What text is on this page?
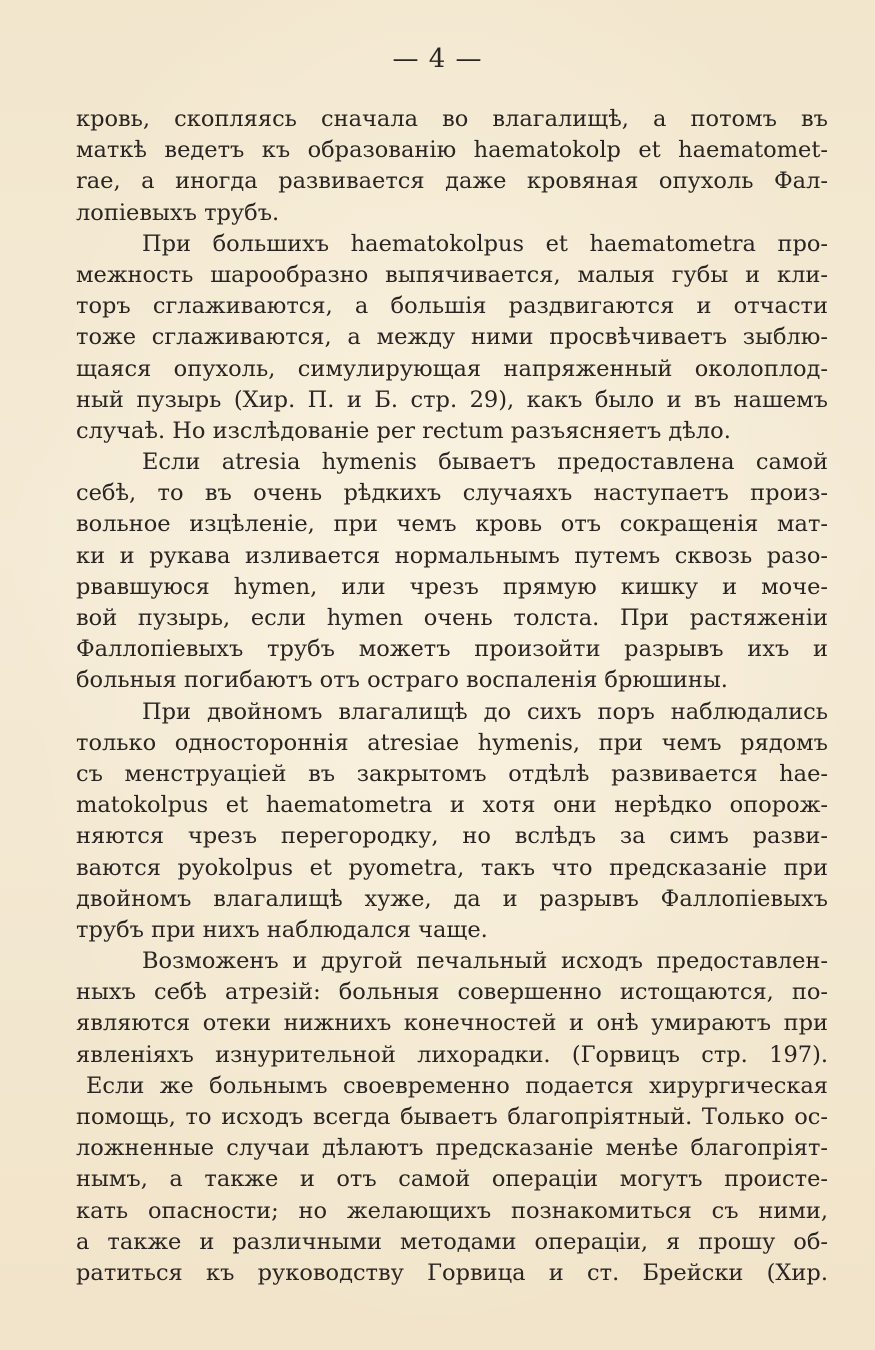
— 4 —
кровь, скопляясь сначала во влагалищѣ, а потомъ въ
маткѣ ведетъ къ образованію haematokolp et haematomet-
rae, а иногда развивается даже кровяная опухоль Фал-
лопіевыхъ трубъ.
При большихъ haematokolpus et haematometra про-
межность шарообразно выпячивается, малыя губы и кли-
торъ сглаживаются, а большія раздвигаются и отчасти
тоже сглаживаются, а между ними просвѣчиваетъ зыблю-
щаяся опухоль, симулирующая напряженный околоплод-
ный пузырь (Хир. П. и Б. стр. 29), какъ было и въ нашемъ
случаѣ. Но изслѣдованіе per rectum разъясняетъ дѣло.
Если atresia hymenis бываетъ предоставлена самой
себѣ, то въ очень рѣдкихъ случаяхъ наступаетъ произ-
вольное изцѣленіе, при чемъ кровь отъ сокращенія мат-
ки и рукава изливается нормальнымъ путемъ сквозь разо-
рвавшуюся hymen, или чрезъ прямую кишку и моче-
вой пузырь, если hymen очень толста. При растяженіи
Фаллопіевыхъ трубъ можетъ произойти разрывъ ихъ и
больныя погибаютъ отъ остраго воспаленія брюшины.
При двойномъ влагалищѣ до сихъ поръ наблюдались
только одностороннія atresiae hymenis, при чемъ рядомъ
съ менструаціей въ закрытомъ отдѣлѣ развивается hae-
matokolpus et haematometra и хотя они нерѣдко опорож-
няются чрезъ перегородку, но вслѣдъ за симъ разви-
ваются pyokolpus et pyometra, такъ что предсказаніе при
двойномъ влагалищѣ хуже, да и разрывъ Фаллопіевыхъ
трубъ при нихъ наблюдался чаще.
Возможенъ и другой печальный исходъ предоставлен-
ныхъ себѣ атрезій: больныя совершенно истощаются, по-
являются отеки нижнихъ конечностей и онѣ умираютъ при
явленіяхъ изнурительной лихорадки. (Горвицъ стр. 197).
Если же больнымъ своевременно подается хирургическая
помощь, то исходъ всегда бываетъ благопріятный. Только ос-
ложненные случаи дѣлаютъ предсказаніе менѣе благопріят-
нымъ, а также и отъ самой операціи могутъ происте-
кать опасности; но желающихъ познакомиться съ ними,
а также и различными методами операціи, я прошу об-
ратиться къ руководству Горвица и ст. Брейски (Хир.
